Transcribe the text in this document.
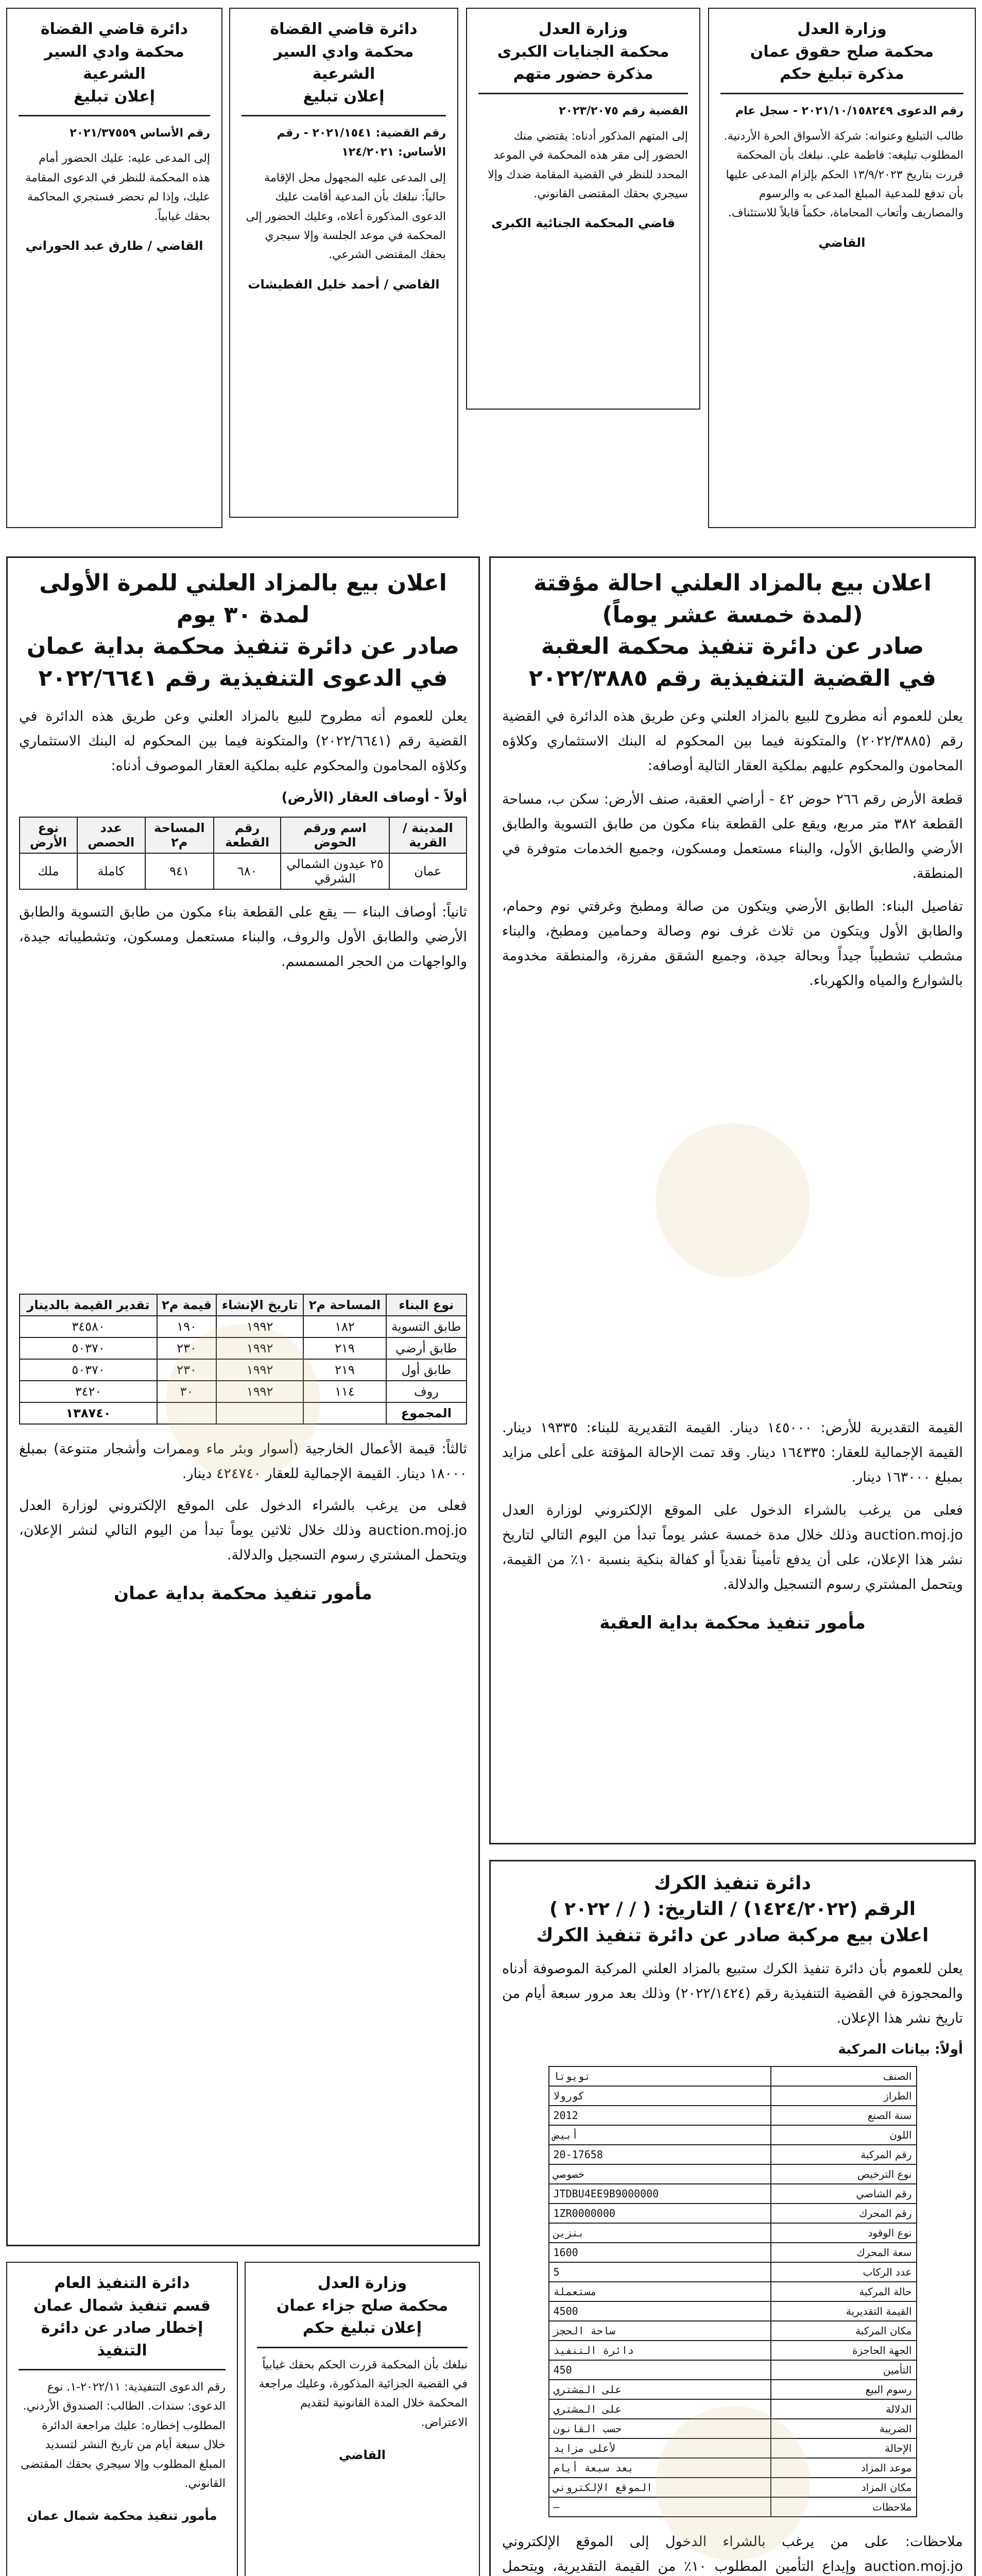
وزارة العدل
محكمة صلح حقوق عمان
مذكرة تبليغ حكم
رقم الدعوى ٢٠٢١/١٠/١٥٨٢٤٩ - سجل عام
طالب التبليغ وعنوانه: شركة الأسواق الحرة الأردنية. المطلوب تبليغه: فاطمة علي. نبلغك بأن المحكمة قررت بتاريخ ١٣/٩/٢٠٢٣ الحكم بإلزام المدعى عليها بأن تدفع للمدعية المبلغ المدعى به والرسوم والمصاريف وأتعاب المحاماة، حكماً قابلاً للاستئناف.
القاضي
وزارة العدل
محكمة الجنايات الكبرى
مذكرة حضور متهم
القضية رقم ٢٠٢٣/٢٠٧٥
إلى المتهم المذكور أدناه: يقتضي منك الحضور إلى مقر هذه المحكمة في الموعد المحدد للنظر في القضية المقامة ضدك وإلا سيجري بحقك المقتضى القانوني.
قاضي المحكمة الجنائية الكبرى
دائرة قاضي القضاة
محكمة وادي السير الشرعية
إعلان تبليغ
رقم القضية: ٢٠٢١/١٥٤١ - رقم الأساس: ١٢٤/٢٠٢١
إلى المدعى عليه المجهول محل الإقامة حالياً: نبلغك بأن المدعية أقامت عليك الدعوى المذكورة أعلاه، وعليك الحضور إلى المحكمة في موعد الجلسة وإلا سيجري بحقك المقتضى الشرعي.
القاضي / أحمد خليل القطيشات
دائرة قاضي القضاة
محكمة وادي السير الشرعية
إعلان تبليغ
رقم الأساس ٢٠٢١/٣٧٥٥٩
إلى المدعى عليه: عليك الحضور أمام هذه المحكمة للنظر في الدعوى المقامة عليك، وإذا لم تحضر فستجري المحاكمة بحقك غيابياً.
القاضي / طارق عبد الحوراني
اعلان بيع بالمزاد العلني للمرة الأولى لمدة ٣٠ يوم
صادر عن دائرة تنفيذ محكمة بداية عمان
في الدعوى التنفيذية رقم ٢٠٢٢/٦٦٤١
يعلن للعموم أنه مطروح للبيع بالمزاد العلني وعن طريق هذه الدائرة في القضية رقم (٢٠٢٢/٦٦٤١) والمتكونة فيما بين المحكوم له البنك الاستثماري وكلاؤه المحامون والمحكوم عليه بملكية العقار الموصوف أدناه:
أولاً - أوصاف العقار (الأرض)
المدينة / القرية	اسم ورقم الحوض	رقم القطعة	المساحة م٢	عدد الحصص	نوع الأرض
عمان	٢٥ عيدون الشمالي الشرقي	٦٨٠	٩٤١	كاملة	ملك
ثانياً: أوصاف البناء — يقع على القطعة بناء مكون من طابق التسوية والطابق الأرضي والطابق الأول والروف، والبناء مستعمل ومسكون، وتشطيباته جيدة، والواجهات من الحجر المسمسم.
نوع البناء	المساحة م٢	تاريخ الإنشاء	قيمة م٢	تقدير القيمة بالدينار
طابق التسوية	١٨٢	١٩٩٢	١٩٠	٣٤٥٨٠
طابق أرضي	٢١٩	١٩٩٢	٢٣٠	٥٠٣٧٠
طابق أول	٢١٩	١٩٩٢	٢٣٠	٥٠٣٧٠
روف	١١٤	١٩٩٢	٣٠	٣٤٢٠
المجموع				١٣٨٧٤٠
ثالثاً: قيمة الأعمال الخارجية (أسوار وبئر ماء وممرات وأشجار متنوعة) بمبلغ ١٨٠٠٠ دينار. القيمة الإجمالية للعقار ٤٢٤٧٤٠ دينار.
فعلى من يرغب بالشراء الدخول على الموقع الإلكتروني لوزارة العدل auction.moj.jo وذلك خلال ثلاثين يوماً تبدأ من اليوم التالي لنشر الإعلان، ويتحمل المشتري رسوم التسجيل والدلالة.
مأمور تنفيذ محكمة بداية عمان
اعلان بيع بالمزاد العلني احالة مؤقتة (لمدة خمسة عشر يوماً)
صادر عن دائرة تنفيذ محكمة العقبة
في القضية التنفيذية رقم ٢٠٢٢/٣٨٨٥
يعلن للعموم أنه مطروح للبيع بالمزاد العلني وعن طريق هذه الدائرة في القضية رقم (٢٠٢٢/٣٨٨٥) والمتكونة فيما بين المحكوم له البنك الاستثماري وكلاؤه المحامون والمحكوم عليهم بملكية العقار التالية أوصافه:
قطعة الأرض رقم ٢٦٦ حوض ٤٢ - أراضي العقبة، صنف الأرض: سكن ب، مساحة القطعة ٣٨٢ متر مربع، ويقع على القطعة بناء مكون من طابق التسوية والطابق الأرضي والطابق الأول، والبناء مستعمل ومسكون، وجميع الخدمات متوفرة في المنطقة.
تفاصيل البناء: الطابق الأرضي ويتكون من صالة ومطبخ وغرفتي نوم وحمام، والطابق الأول ويتكون من ثلاث غرف نوم وصالة وحمامين ومطبخ، والبناء مشطب تشطيباً جيداً وبحالة جيدة، وجميع الشقق مفرزة، والمنطقة مخدومة بالشوارع والمياه والكهرباء.
القيمة التقديرية للأرض: ١٤٥٠٠٠ دينار. القيمة التقديرية للبناء: ١٩٣٣٥ دينار. القيمة الإجمالية للعقار: ١٦٤٣٣٥ دينار. وقد تمت الإحالة المؤقتة على أعلى مزايد بمبلغ ١٦٣٠٠٠ دينار.
فعلى من يرغب بالشراء الدخول على الموقع الإلكتروني لوزارة العدل auction.moj.jo وذلك خلال مدة خمسة عشر يوماً تبدأ من اليوم التالي لتاريخ نشر هذا الإعلان، على أن يدفع تأميناً نقدياً أو كفالة بنكية بنسبة ١٠٪ من القيمة، ويتحمل المشتري رسوم التسجيل والدلالة.
مأمور تنفيذ محكمة بداية العقبة
دائرة تنفيذ الكرك
الرقم (١٤٢٤/٢٠٢٢) / التاريخ: ( / / ٢٠٢٢ )
اعلان بيع مركبة صادر عن دائرة تنفيذ الكرك
يعلن للعموم بأن دائرة تنفيذ الكرك ستبيع بالمزاد العلني المركبة الموصوفة أدناه والمحجوزة في القضية التنفيذية رقم (٢٠٢٢/١٤٢٤) وذلك بعد مرور سبعة أيام من تاريخ نشر هذا الإعلان.
أولاً: بيانات المركبة
الصنف	تويوتا
الطراز	كورولا
سنة الصنع	2012
اللون	أبيض
رقم المركبة	20-17658
نوع الترخيص	خصوصي
رقم الشاصي	JTDBU4EE9B9000000
رقم المحرك	1ZR0000000
نوع الوقود	بنزين
سعة المحرك	1600
عدد الركاب	5
حالة المركبة	مستعملة
القيمة التقديرية	4500
مكان المركبة	ساحة الحجز
الجهة الحاجزة	دائرة التنفيذ
التأمين	450
رسوم البيع	على المشتري
الدلالة	على المشتري
الضريبة	حسب القانون
الإحالة	لأعلى مزايد
موعد المزاد	بعد سبعة أيام
مكان المزاد	الموقع الإلكتروني
ملاحظات	—
ملاحظات: على من يرغب بالشراء الدخول إلى الموقع الإلكتروني auction.moj.jo وإيداع التأمين المطلوب ١٠٪ من القيمة التقديرية، ويتحمل
وزارة العدل
محكمة صلح جزاء عمان
إعلان تبليغ حكم
نبلغك بأن المحكمة قررت الحكم بحقك غيابياً في القضية الجزائية المذكورة، وعليك مراجعة المحكمة خلال المدة القانونية لتقديم الاعتراض.
القاضي
دائرة التنفيذ العام
قسم تنفيذ شمال عمان
إخطار صادر عن دائرة التنفيذ
رقم الدعوى التنفيذية: ٢٠٢٢/١١-١. نوع الدعوى: سندات. الطالب: الصندوق الأردني. المطلوب إخطاره: عليك مراجعة الدائرة خلال سبعة أيام من تاريخ النشر لتسديد المبلغ المطلوب وإلا سيجري بحقك المقتضى القانوني.
مأمور تنفيذ محكمة شمال عمان
